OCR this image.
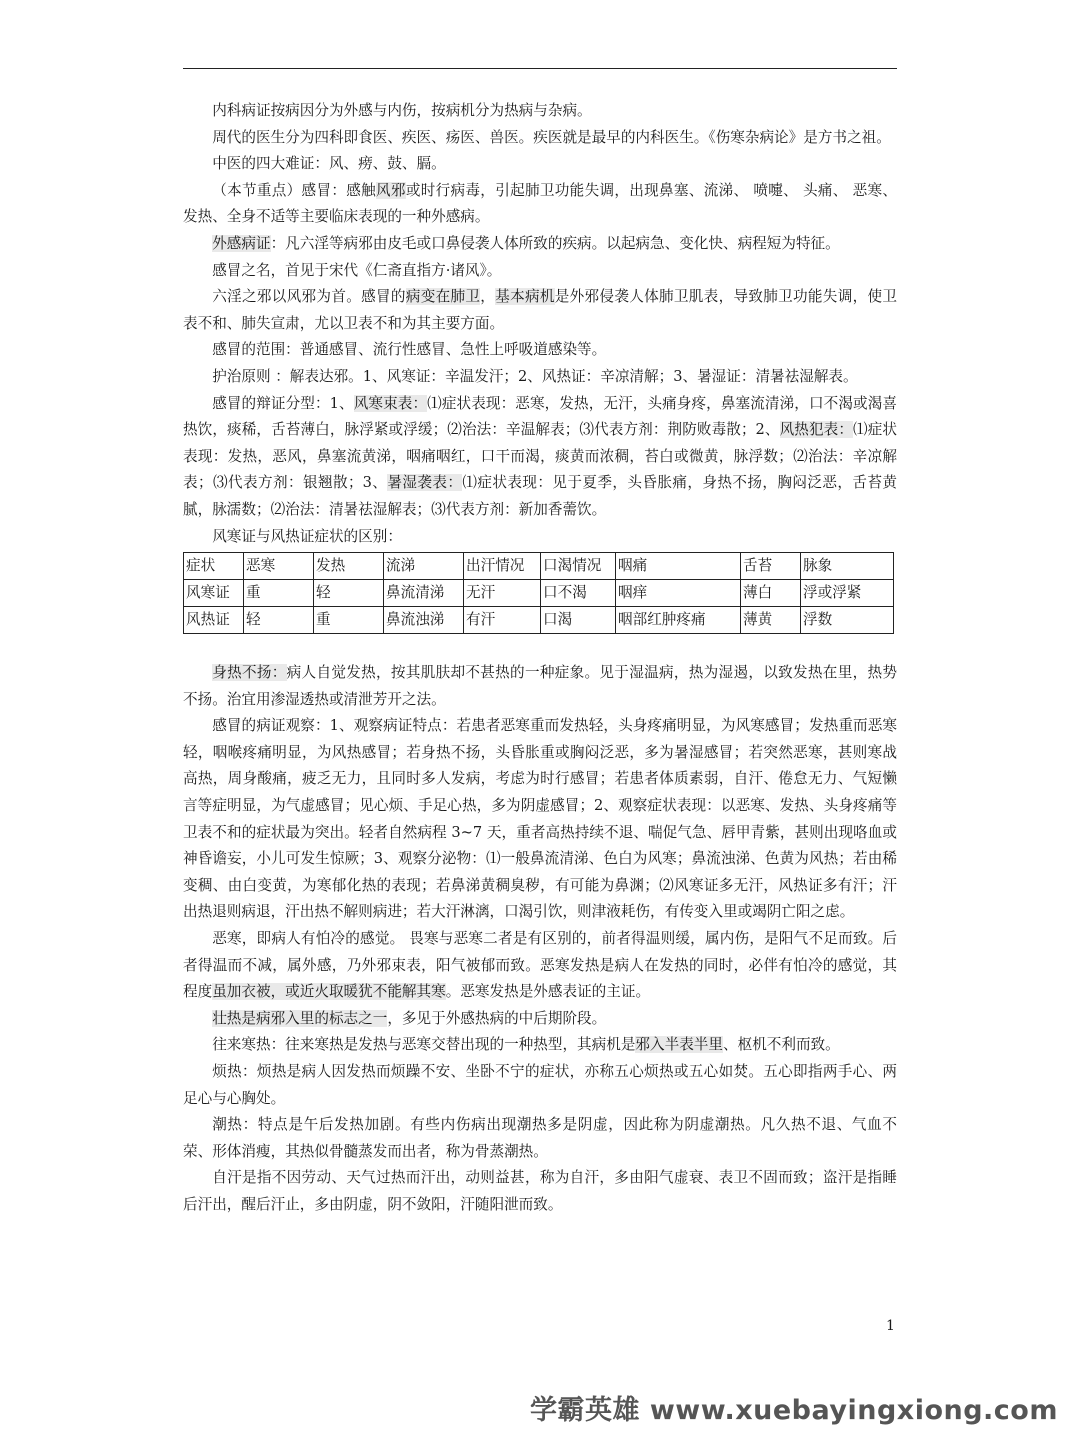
内科病证按病因分为外感与内伤，按病机分为热病与杂病。

周代的医生分为四科即食医、疾医、疡医、兽医。疾医就是最早的内科医生。《伤寒杂病论》是方书之祖。

中医的四大难证：风、痨、鼓、膈。

（本节重点）感冒：感触风邪或时行病毒，引起肺卫功能失调，出现鼻塞、流涕、 喷嚏、 头痛、 恶寒、发热、全身不适等主要临床表现的一种外感病。

外感病证：凡六淫等病邪由皮毛或口鼻侵袭人体所致的疾病。以起病急、变化快、病程短为特征。

感冒之名，首见于宋代《仁斋直指方·诸风》。

六淫之邪以风邪为首。感冒的病变在肺卫，基本病机是外邪侵袭人体肺卫肌表，导致肺卫功能失调，使卫表不和、肺失宣肃，尤以卫表不和为其主要方面。

感冒的范围：普通感冒、流行性感冒、急性上呼吸道感染等。

护治原则 ：解表达邪。1、风寒证：辛温发汗；2、风热证：辛凉清解；3、暑湿证：清暑祛湿解表。

感冒的辩证分型：1、风寒束表：⑴症状表现：恶寒，发热，无汗，头痛身疼，鼻塞流清涕，口不渴或渴喜热饮，痰稀，舌苔薄白，脉浮紧或浮缓；⑵治法：辛温解表；⑶代表方剂：荆防败毒散；2、风热犯表：⑴症状表现：发热，恶风，鼻塞流黄涕，咽痛咽红，口干而渴，痰黄而浓稠，苔白或微黄，脉浮数；⑵治法：辛凉解表；⑶代表方剂：银翘散；3、暑湿袭表：⑴症状表现：见于夏季，头昏胀痛，身热不扬，胸闷泛恶，舌苔黄腻，脉濡数；⑵治法：清暑祛湿解表；⑶代表方剂：新加香薷饮。

风寒证与风热证症状的区别：

症状	恶寒	发热	流涕	出汗情况	口渴情况	咽痛	舌苔	脉象
风寒证	重	轻	鼻流清涕	无汗	口不渴	咽痒	薄白	浮或浮紧
风热证	轻	重	鼻流浊涕	有汗	口渴	咽部红肿疼痛	薄黄	浮数

身热不扬：病人自觉发热，按其肌肤却不甚热的一种症象。见于湿温病，热为湿遏，以致发热在里，热势不扬。治宜用渗湿透热或清泄芳开之法。

感冒的病证观察：1、观察病证特点：若患者恶寒重而发热轻，头身疼痛明显，为风寒感冒；发热重而恶寒轻，咽喉疼痛明显，为风热感冒；若身热不扬，头昏胀重或胸闷泛恶，多为暑湿感冒；若突然恶寒，甚则寒战高热，周身酸痛，疲乏无力，且同时多人发病，考虑为时行感冒；若患者体质素弱，自汗、倦怠无力、气短懒言等症明显，为气虚感冒；见心烦、手足心热，多为阴虚感冒；2、观察症状表现：以恶寒、发热、头身疼痛等卫表不和的症状最为突出。轻者自然病程 3~7 天，重者高热持续不退、喘促气急、唇甲青紫，甚则出现咯血或神昏谵妄，小儿可发生惊厥；3、观察分泌物：⑴一般鼻流清涕、色白为风寒；鼻流浊涕、色黄为风热；若由稀变稠、由白变黄，为寒郁化热的表现；若鼻涕黄稠臭秽，有可能为鼻渊；⑵风寒证多无汗，风热证多有汗；汗出热退则病退，汗出热不解则病进；若大汗淋漓，口渴引饮，则津液耗伤，有传变入里或竭阴亡阳之虑。

恶寒，即病人有怕冷的感觉。 畏寒与恶寒二者是有区别的，前者得温则缓，属内伤，是阳气不足而致。后者得温而不减，属外感，乃外邪束表，阳气被郁而致。恶寒发热是病人在发热的同时，必伴有怕冷的感觉，其程度虽加衣被，或近火取暖犹不能解其寒。恶寒发热是外感表证的主证。

壮热是病邪入里的标志之一，多见于外感热病的中后期阶段。

往来寒热：往来寒热是发热与恶寒交替出现的一种热型，其病机是邪入半表半里、枢机不利而致。

烦热：烦热是病人因发热而烦躁不安、坐卧不宁的症状，亦称五心烦热或五心如焚。五心即指两手心、两足心与心胸处。

潮热：特点是午后发热加剧。有些内伤病出现潮热多是阴虚，因此称为阴虚潮热。凡久热不退、气血不荣、形体消瘦，其热似骨髓蒸发而出者，称为骨蒸潮热。

自汗是指不因劳动、天气过热而汗出，动则益甚，称为自汗，多由阳气虚衰、表卫不固而致；盗汗是指睡后汗出，醒后汗止，多由阴虚，阴不敛阳，汗随阳泄而致。

1
学霸英雄 www.xuebayingxiong.com
